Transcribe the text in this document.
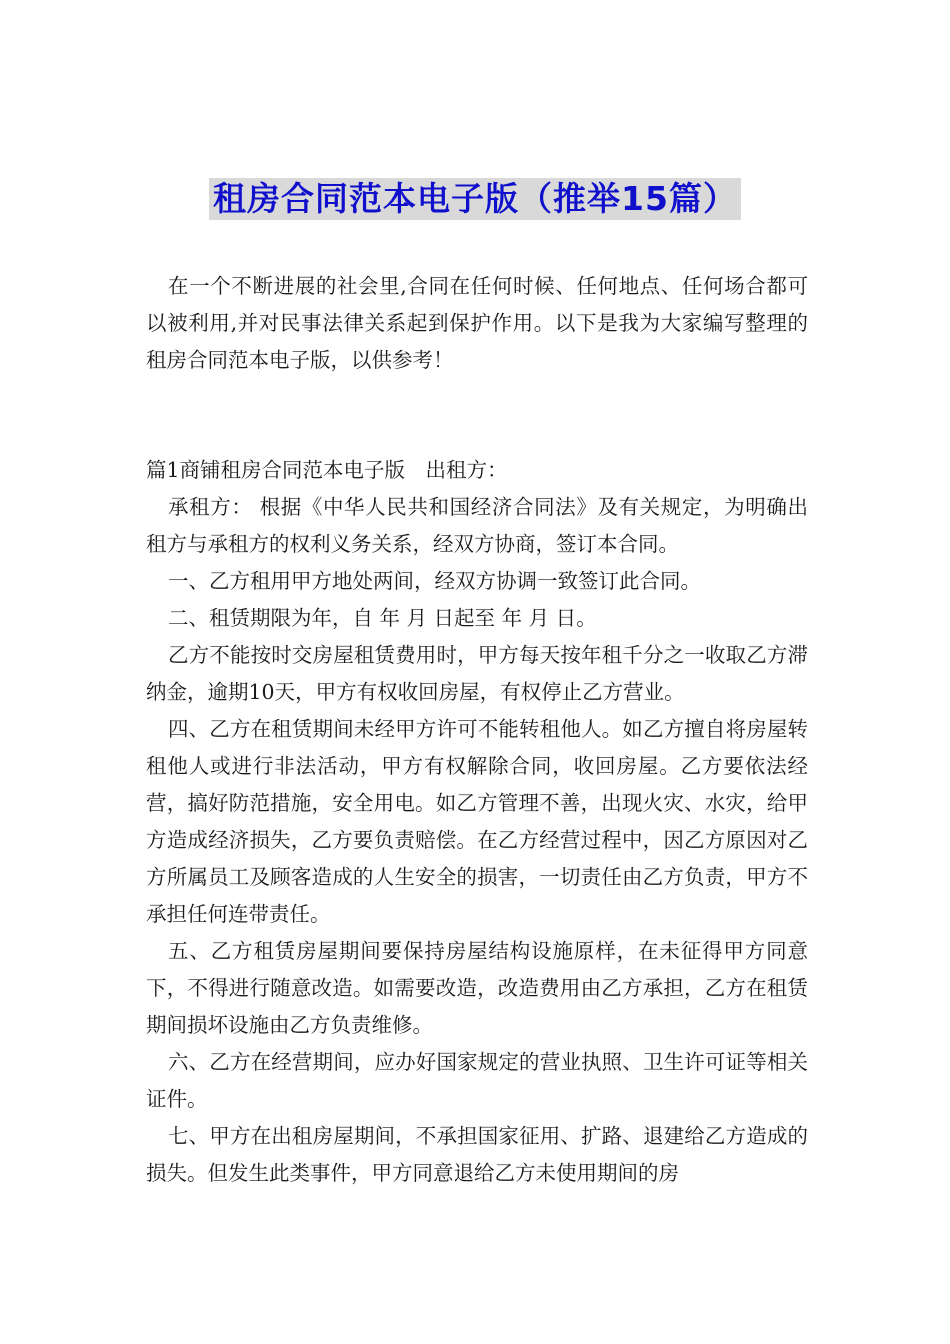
租房合同范本电子版（推举15篇）

在一个不断进展的社会里,合同在任何时候、任何地点、任何场合都可以被利用,并对民事法律关系起到保护作用。以下是我为大家编写整理的租房合同范本电子版，以供参考！

篇1商铺租房合同范本电子版　出租方：

承租方： 根据《中华人民共和国经济合同法》及有关规定，为明确出租方与承租方的权利义务关系，经双方协商，签订本合同。

一、乙方租用甲方地处两间，经双方协调一致签订此合同。

二、租赁期限为年，自 年 月 日起至 年 月 日。

乙方不能按时交房屋租赁费用时，甲方每天按年租千分之一收取乙方滞纳金，逾期10天，甲方有权收回房屋，有权停止乙方营业。

四、乙方在租赁期间未经甲方许可不能转租他人。如乙方擅自将房屋转租他人或进行非法活动，甲方有权解除合同，收回房屋。乙方要依法经营，搞好防范措施，安全用电。如乙方管理不善，出现火灾、水灾，给甲方造成经济损失，乙方要负责赔偿。在乙方经营过程中，因乙方原因对乙方所属员工及顾客造成的人生安全的损害，一切责任由乙方负责，甲方不承担任何连带责任。

五、乙方租赁房屋期间要保持房屋结构设施原样，在未征得甲方同意下，不得进行随意改造。如需要改造，改造费用由乙方承担，乙方在租赁期间损坏设施由乙方负责维修。

六、乙方在经营期间，应办好国家规定的营业执照、卫生许可证等相关证件。

七、甲方在出租房屋期间，不承担国家征用、扩路、退建给乙方造成的损失。但发生此类事件，甲方同意退给乙方未使用期间的房
